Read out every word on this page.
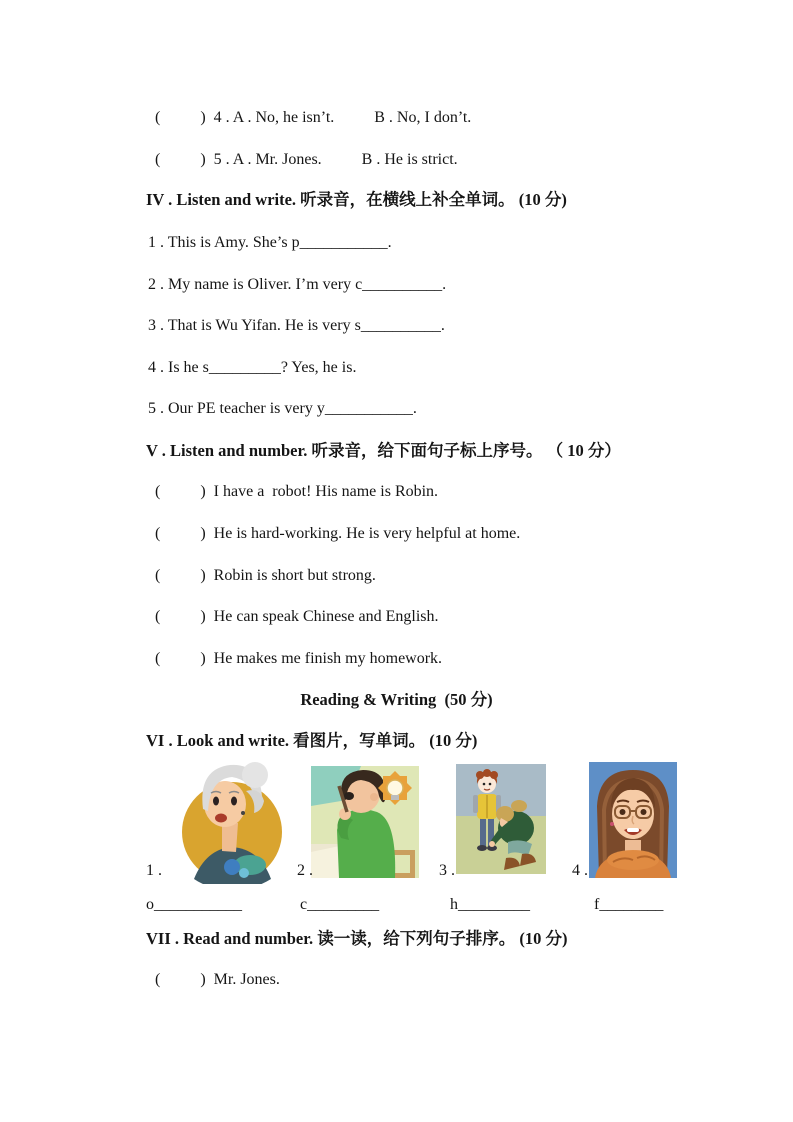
(          )  4 . A . No, he isn’t.          B . No, I don’t.
(          )  5 . A . Mr. Jones.          B . He is strict.
IV . Listen and write. 听录音，在横线上补全单词。 (10 分)
1 . This is Amy. She’s p___________.
2 . My name is Oliver. I’m very c__________.
3 . That is Wu Yifan. He is very s__________.
4 . Is he s_________? Yes, he is.
5 . Our PE teacher is very y___________.
V . Listen and number. 听录音，给下面句子标上序号。 （ 10 分）
(          )  I have a  robot! His name is Robin.
(          )  He is hard-working. He is very helpful at home.
(          )  Robin is short but strong.
(          )  He can speak Chinese and English.
(          )  He makes me finish my homework.
Reading & Writing  (50 分)
VI . Look and write. 看图片，写单词。 (10 分)
1 .	2 .	3 .	4 .
o___________	c_________	h_________	f________
VII . Read and number. 读一读，给下列句子排序。 (10 分)
(          )  Mr. Jones.
